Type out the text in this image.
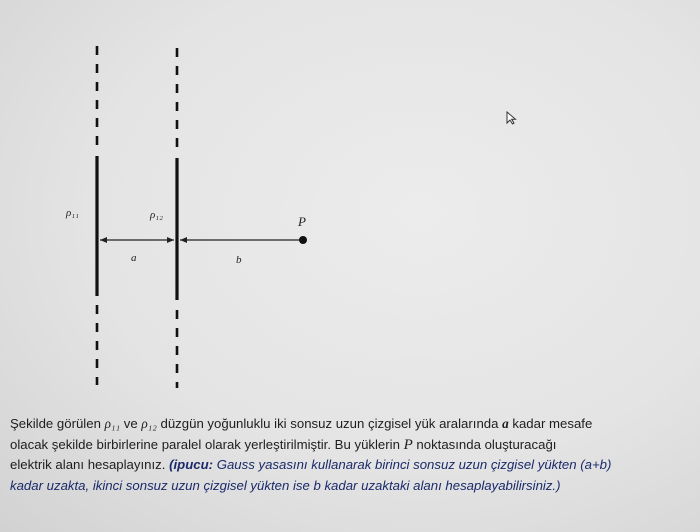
ρ₁₁	ρ₁₂
a	b
P

Şekilde görülen ρ₁₁ ve ρ₁₂ düzgün yoğunluklu iki sonsuz uzun çizgisel yük aralarında a kadar mesafe

olacak şekilde birbirlerine paralel olarak yerleştirilmiştir. Bu yüklerin P noktasında oluşturacağı

elektrik alanı hesaplayınız. (ipucu: Gauss yasasını kullanarak birinci sonsuz uzun çizgisel yükten (a+b)

kadar uzakta, ikinci sonsuz uzun çizgisel yükten ise b kadar uzaktaki alanı hesaplayabilirsiniz.)
